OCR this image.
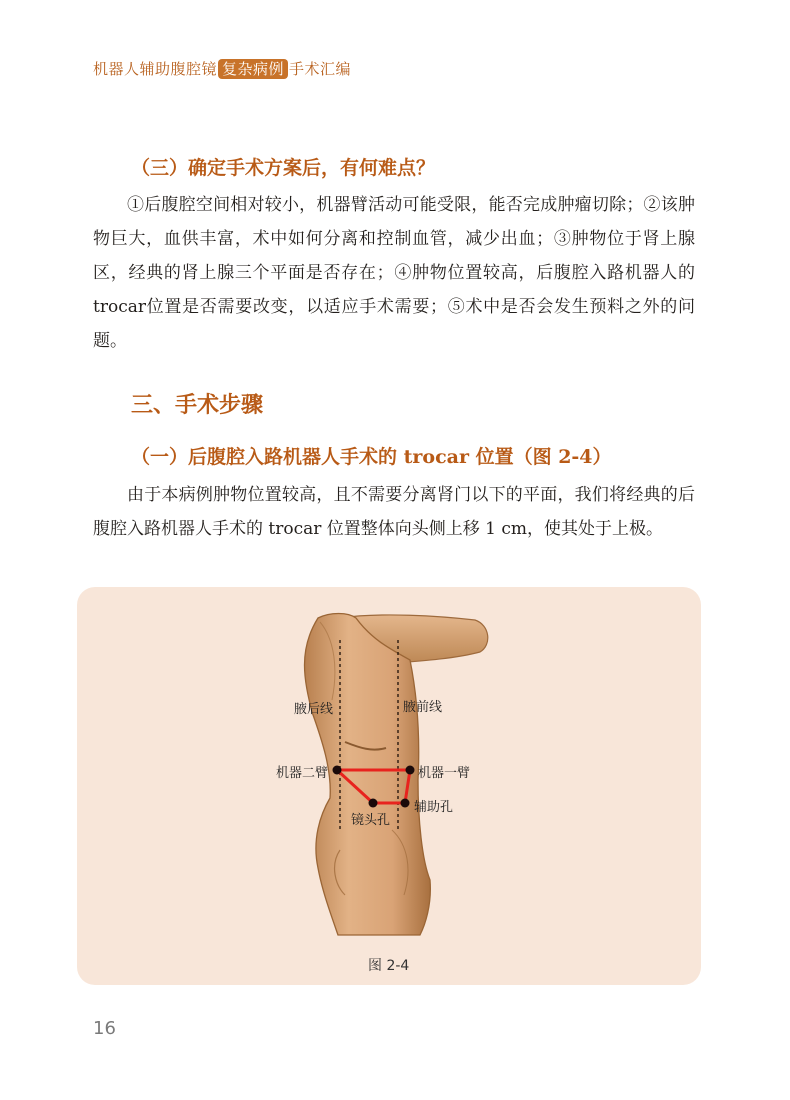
机器人辅助腹腔镜 复杂病例 手术汇编
（三）确定手术方案后，有何难点？

①后腹腔空间相对较小，机器臂活动可能受限，能否完成肿瘤切除；②该肿物巨大，血供丰富，术中如何分离和控制血管，减少出血；③肿物位于肾上腺区，经典的肾上腺三个平面是否存在；④肿物位置较高，后腹腔入路机器人的trocar位置是否需要改变，以适应手术需要；⑤术中是否会发生预料之外的问题。

三、手术步骤
（一）后腹腔入路机器人手术的 trocar 位置（图 2-4）

由于本病例肿物位置较高，且不需要分离肾门以下的平面，我们将经典的后腹腔入路机器人手术的 trocar 位置整体向头侧上移 1 cm，使其处于上极。

腋后线	腋前线
机器二臂	机器一臂
辅助孔
镜头孔
图 2-4
16
